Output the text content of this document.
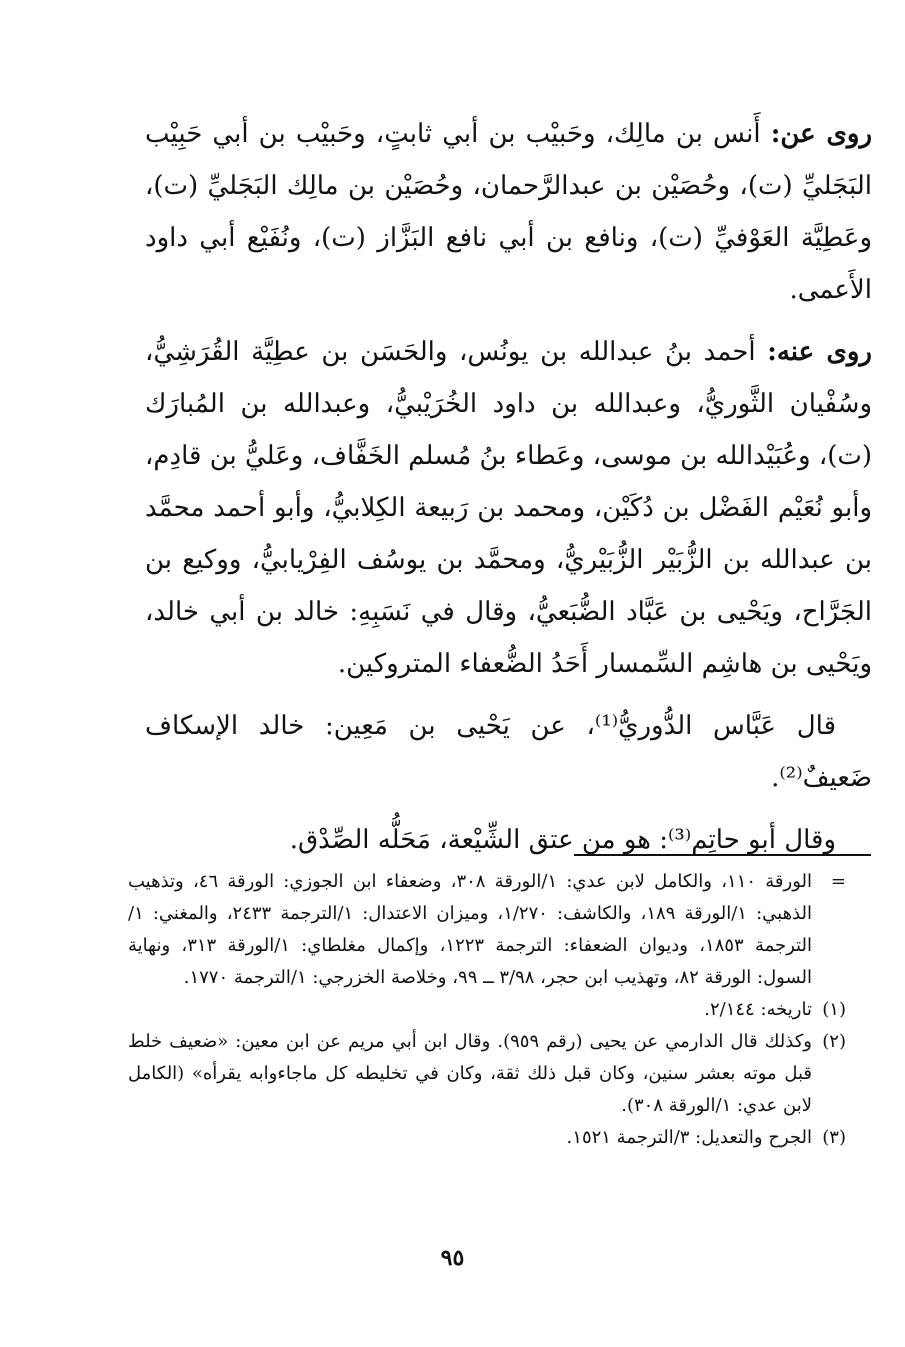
روى عن: أَنس بن مالِك، وحَبيْب بن أبي ثابتٍ، وحَبيْب بن أبي حَبِيْب البَجَليِّ (ت)، وحُصَيْن بن عبدالرَّحمان، وحُصَيْن بن مالِك البَجَليِّ (ت)، وعَطِيَّة العَوْفيِّ (ت)، ونافع بن أبي نافع البَزَّاز (ت)، ونُفَيْع أبي داود الأَعمى.

روى عنه: أحمد بنُ عبدالله بن يونُس، والحَسَن بن عطِيَّة القُرَشِيُّ، وسُفْيان الثَّوريُّ، وعبدالله بن داود الخُرَيْبيُّ، وعبدالله بن المُبارَك (ت)، وعُبَيْدالله بن موسى، وعَطاء بنُ مُسلم الخَفَّاف، وعَليُّ بن قادِم، وأبو نُعَيْم الفَضْل بن دُكَيْن، ومحمد بن رَبيعة الكِلابيُّ، وأبو أحمد محمَّد بن عبدالله بن الزُّبَيْر الزُّبَيْريُّ، ومحمَّد بن يوسُف الفِرْيابيُّ، ووكيع بن الجَرَّاح، ويَحْيى بن عَبَّاد الضُّبَعيُّ، وقال في نَسَبِهِ: خالد بن أبي خالد، ويَحْيى بن هاشِم السِّمسار أَحَدُ الضُّعفاء المتروكين.

قال عَبَّاس الدُّوريُّ⁽¹⁾، عن يَحْيى بن مَعِين: خالد الإسكاف ضَعيفٌ⁽²⁾.

وقال أبو حاتِم⁽³⁾: هو من عتق الشِّيْعة، مَحَلُّه الصِّدْق.

=
الورقة ١١٠، والكامل لابن عدي: ١/الورقة ٣٠٨، وضعفاء ابن الجوزي: الورقة ٤٦، وتذهيب الذهبي: ١/الورقة ١٨٩، والكاشف: ١/٢٧٠، وميزان الاعتدال: ١/الترجمة ٢٤٣٣، والمغني: ١/الترجمة ١٨٥٣، وديوان الضعفاء: الترجمة ١٢٢٣، وإكمال مغلطاي: ١/الورقة ٣١٣، ونهاية السول: الورقة ٨٢، وتهذيب ابن حجر، ٣/٩٨ ــ ٩٩، وخلاصة الخزرجي: ١/الترجمة ١٧٧٠.

(١)
تاريخه: ٢/١٤٤.

(٢)
وكذلك قال الدارمي عن يحيى (رقم ٩٥٩). وقال ابن أبي مريم عن ابن معين: «ضعيف خلط قبل موته بعشر سنين، وكان قبل ذلك ثقة، وكان في تخليطه كل ماجاءوابه يقرأه» (الكامل لابن عدي: ١/الورقة ٣٠٨).

(٣)
الجرح والتعديل: ٣/الترجمة ١٥٢١.

٩٥
